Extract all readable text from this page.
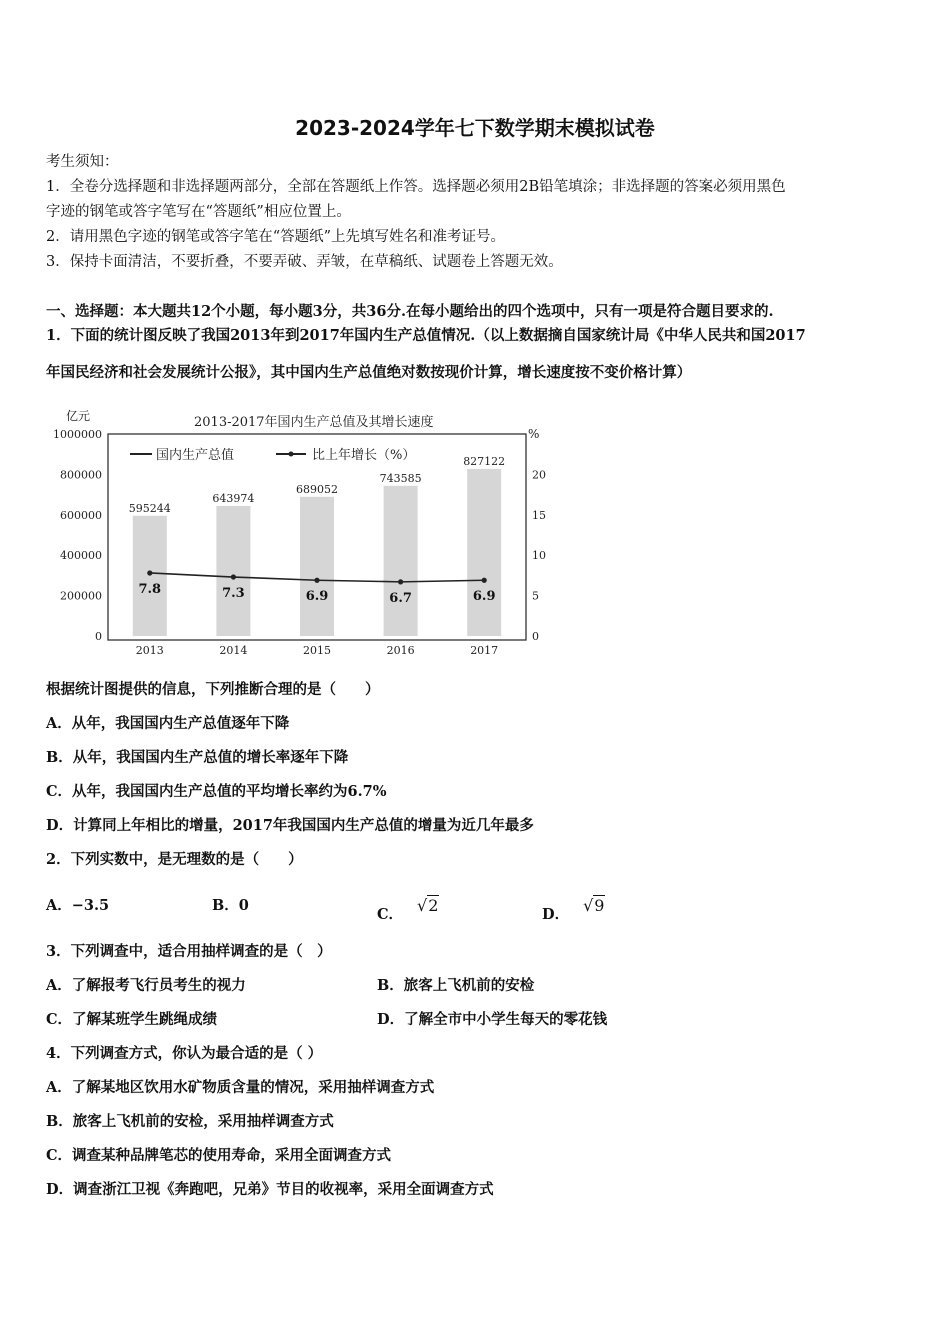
2023-2024学年七下数学期末模拟试卷
考生须知：
1．全卷分选择题和非选择题两部分，全部在答题纸上作答。选择题必须用2B铅笔填涂；非选择题的答案必须用黑色
字迹的钢笔或答字笔写在“答题纸”相应位置上。
2．请用黑色字迹的钢笔或答字笔在“答题纸”上先填写姓名和准考证号。
3．保持卡面清洁，不要折叠，不要弄破、弄皱，在草稿纸、试题卷上答题无效。
一、选择题：本大题共12个小题，每小题3分，共36分.在每小题给出的四个选项中，只有一项是符合题目要求的.
1．下面的统计图反映了我国2013年到2017年国内生产总值情况.（以上数据摘自国家统计局《中华人民共和国2017
年国民经济和社会发展统计公报》，其中国内生产总值绝对数按现价计算，增长速度按不变价格计算）
亿元	2013-2017年国内生产总值及其增长速度
%
1000000
800000
600000
400000
200000
0
20
15
10
5
0
595244
643974
689052
743585
827122
7.8	7.3	6.9	6.7	6.9
2013	2014	2015	2016	2017
国内生产总值	比上年增长（%）
根据统计图提供的信息，下列推断合理的是（　　）
A．从年，我国国内生产总值逐年下降
B．从年，我国国内生产总值的增长率逐年下降
C．从年，我国国内生产总值的平均增长率约为6.7%
D．计算同上年相比的增量，2017年我国国内生产总值的增量为近几年最多
2．下列实数中，是无理数的是（　　）
A．−3.5	B．0
C． √2	D． √9
3．下列调查中，适合用抽样调查的是（　）
A．了解报考飞行员考生的视力	B．旅客上飞机前的安检
C．了解某班学生跳绳成绩	D．了解全市中小学生每天的零花钱
4．下列调查方式，你认为最合适的是（ ）
A．了解某地区饮用水矿物质含量的情况，采用抽样调查方式
B．旅客上飞机前的安检，采用抽样调查方式
C．调查某种品牌笔芯的使用寿命，采用全面调查方式
D．调查浙江卫视《奔跑吧，兄弟》节目的收视率，采用全面调查方式
